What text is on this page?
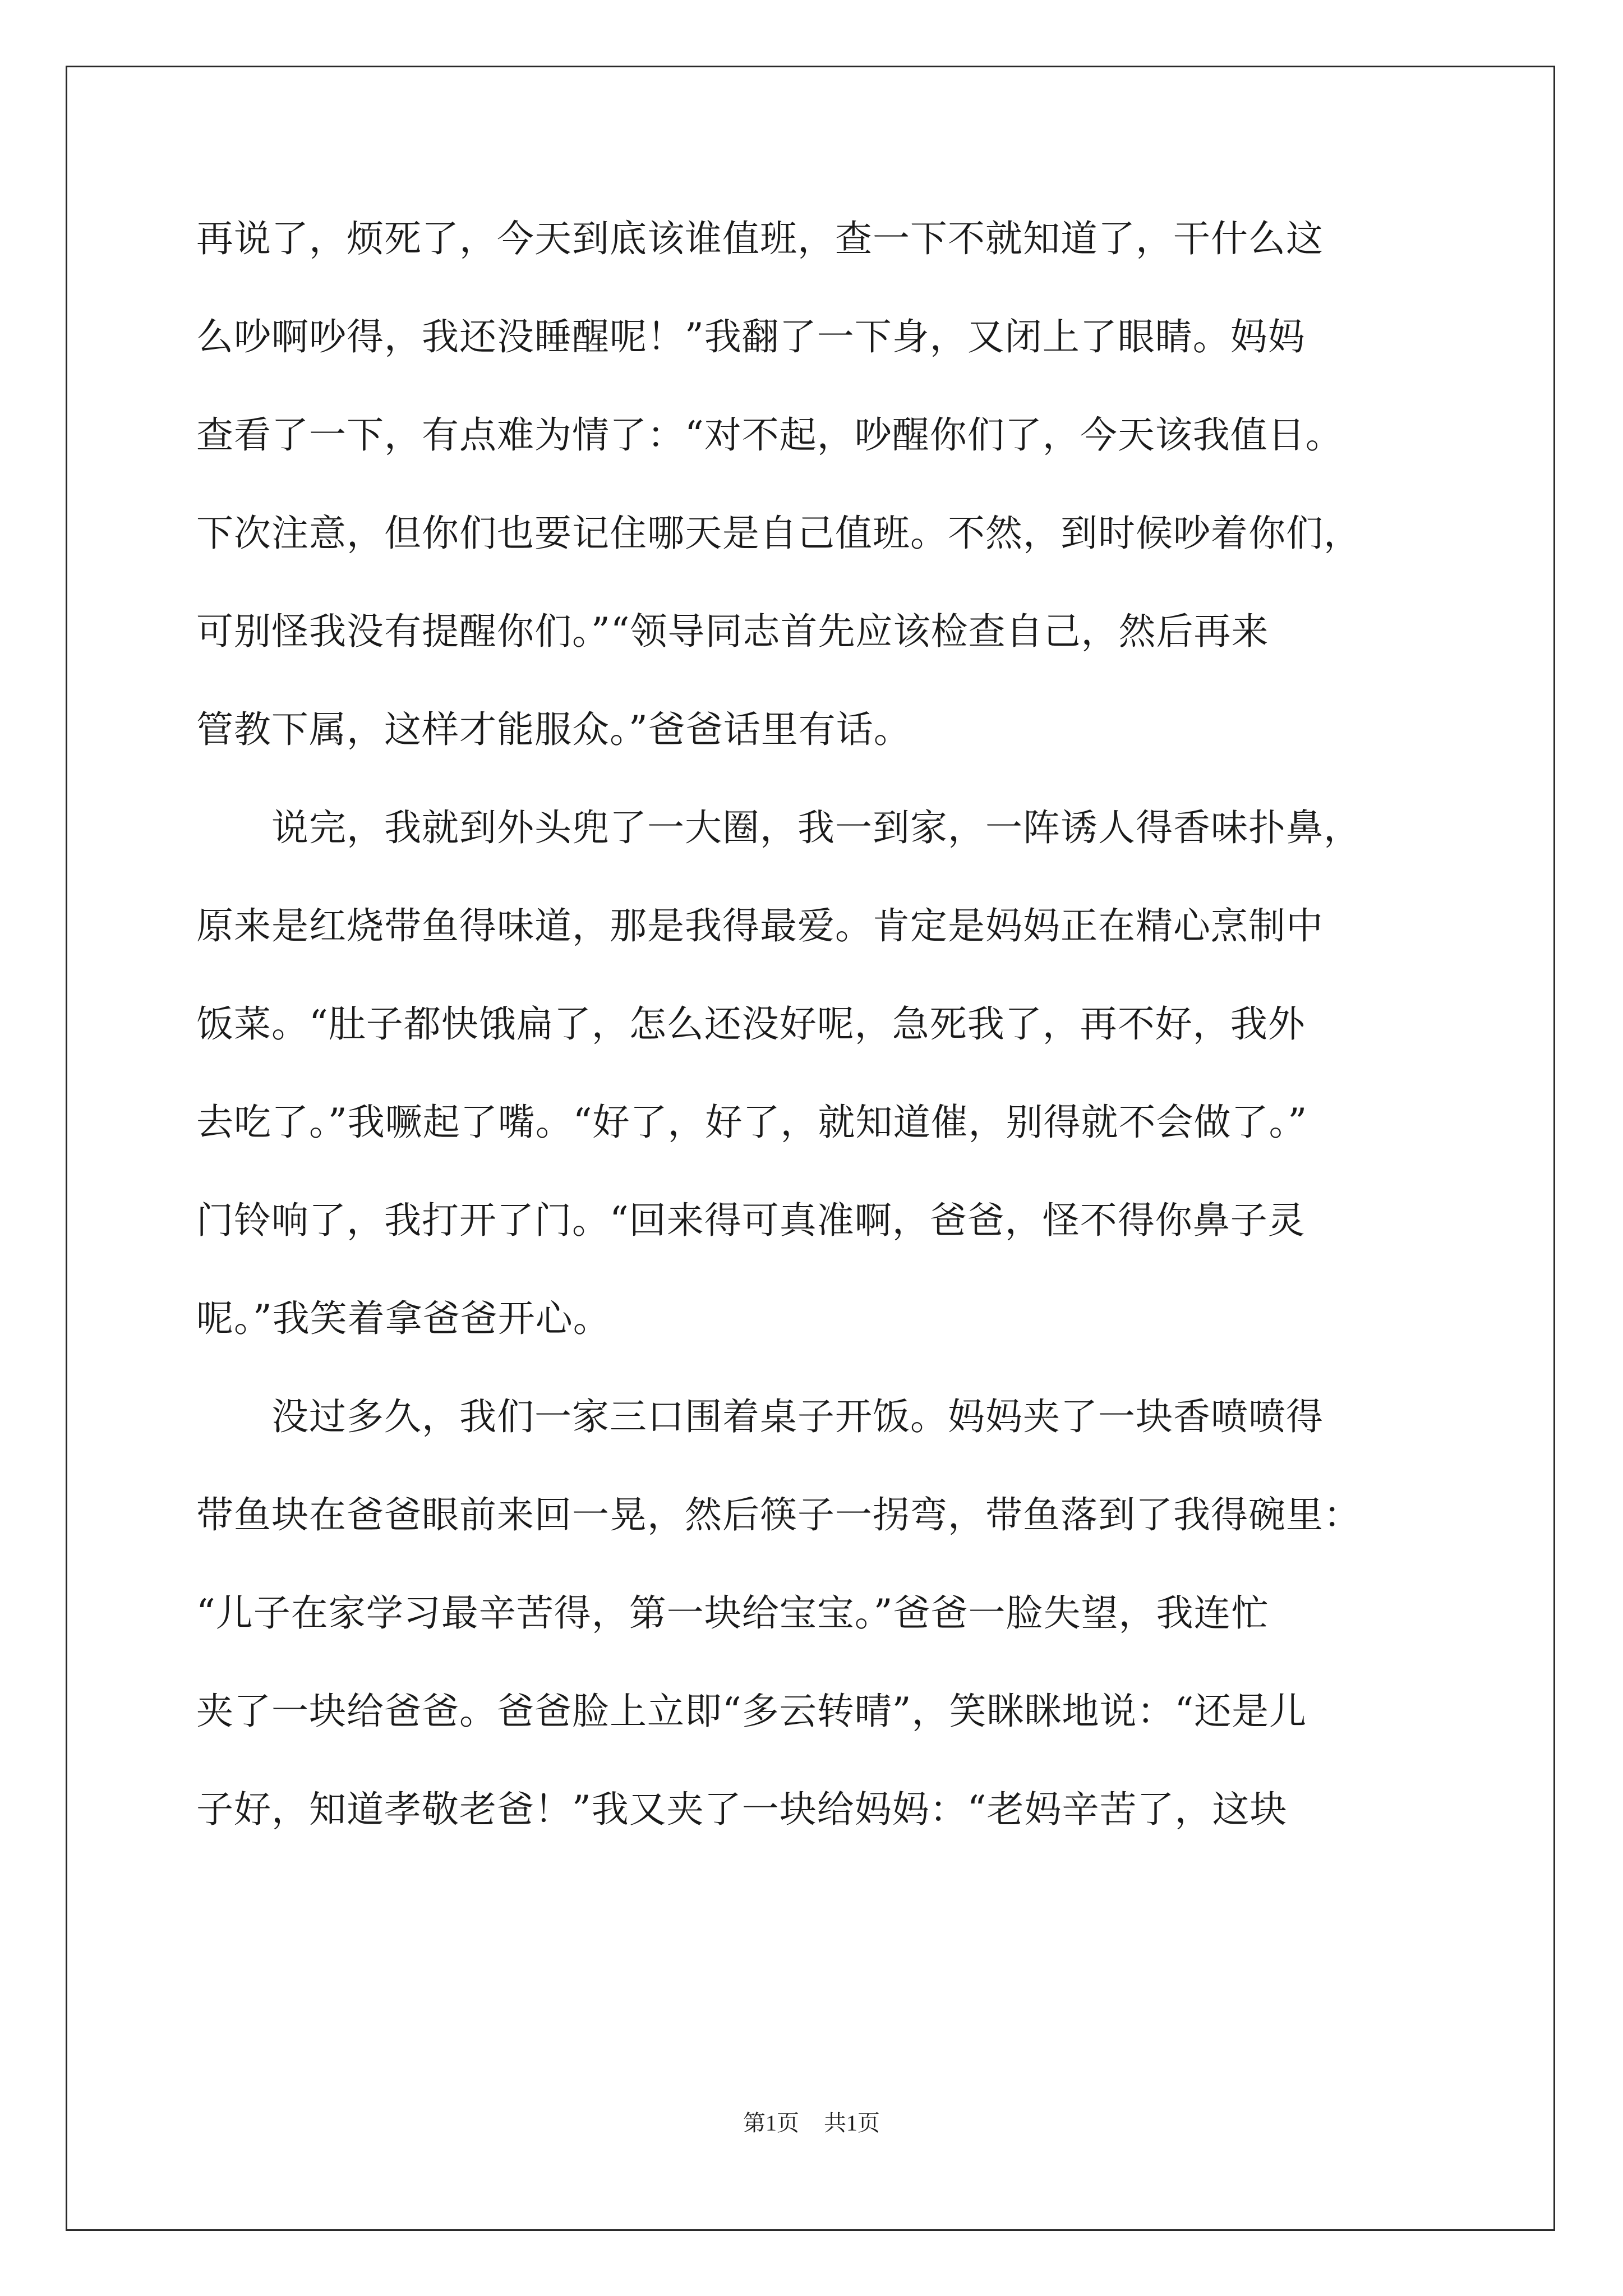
再说了，烦死了，今天到底该谁值班，查一下不就知道了，干什么这
么吵啊吵得，我还没睡醒呢！”我翻了一下身，又闭上了眼睛。妈妈
查看了一下，有点难为情了：“对不起，吵醒你们了，今天该我值日。
下次注意，但你们也要记住哪天是自己值班。不然，到时候吵着你们，
可别怪我没有提醒你们。”“领导同志首先应该检查自己，然后再来
管教下属，这样才能服众。”爸爸话里有话。
　　说完，我就到外头兜了一大圈，我一到家，一阵诱人得香味扑鼻，
原来是红烧带鱼得味道，那是我得最爱。肯定是妈妈正在精心烹制中
饭菜。“肚子都快饿扁了，怎么还没好呢，急死我了，再不好，我外
去吃了。”我噘起了嘴。“好了，好了，就知道催，别得就不会做了。”
门铃响了，我打开了门。“回来得可真准啊，爸爸，怪不得你鼻子灵
呢。”我笑着拿爸爸开心。
　　没过多久，我们一家三口围着桌子开饭。妈妈夹了一块香喷喷得
带鱼块在爸爸眼前来回一晃，然后筷子一拐弯，带鱼落到了我得碗里：
“儿子在家学习最辛苦得，第一块给宝宝。”爸爸一脸失望，我连忙
夹了一块给爸爸。爸爸脸上立即“多云转晴”，笑眯眯地说：“还是儿
子好，知道孝敬老爸！”我又夹了一块给妈妈：“老妈辛苦了，这块
第1页 共1页
